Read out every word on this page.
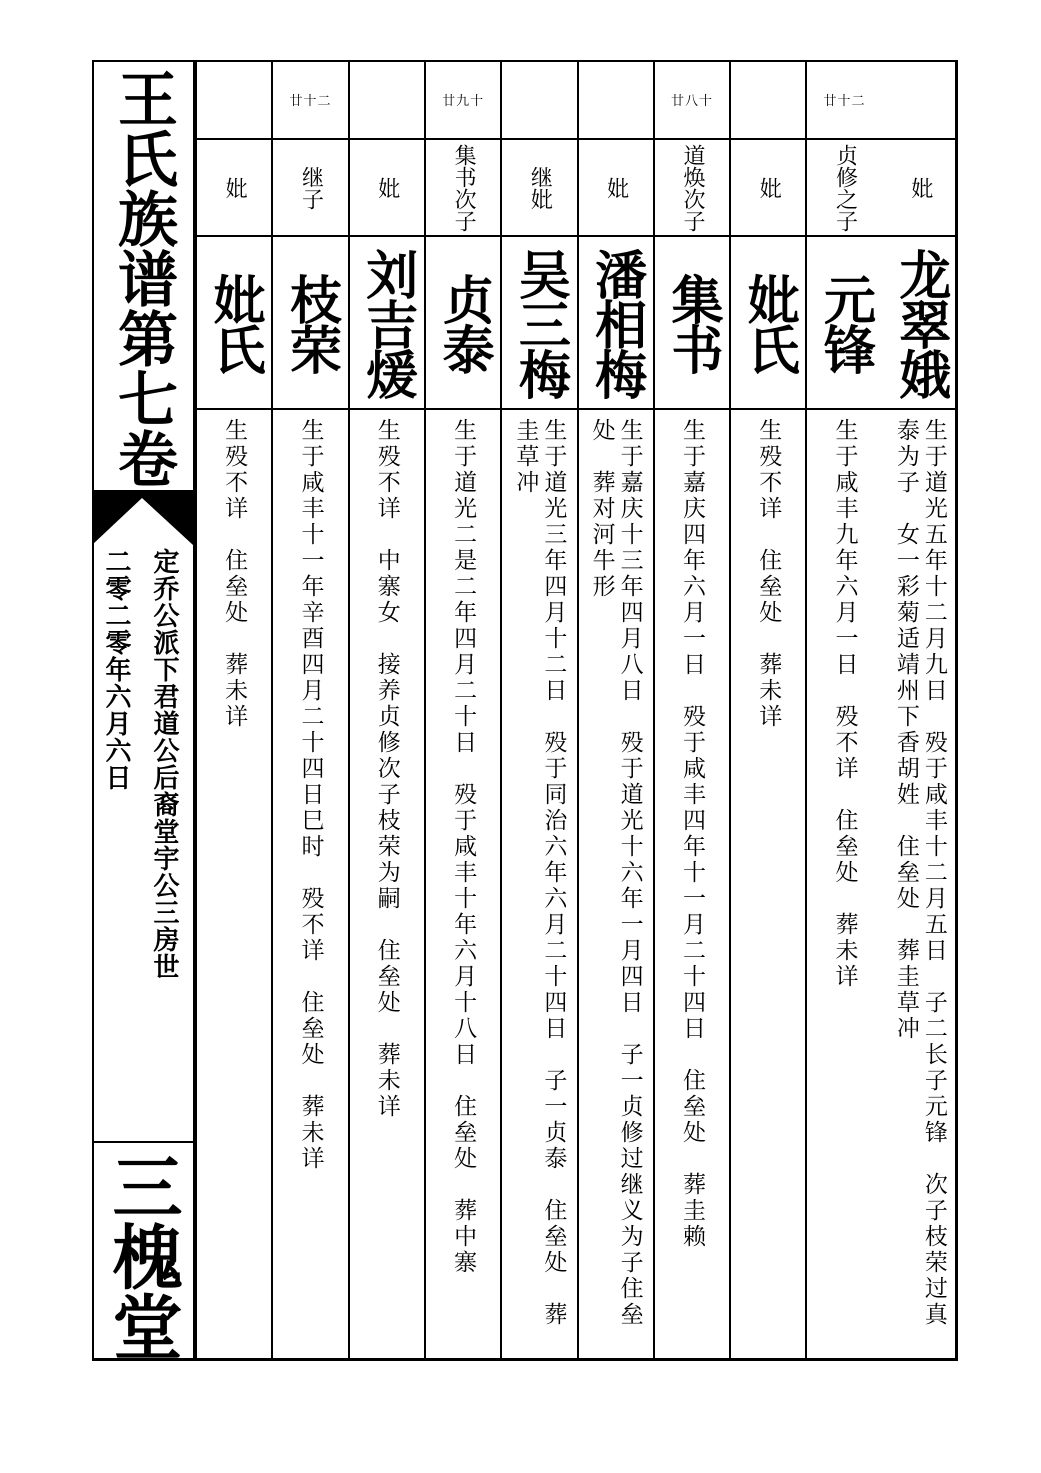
王氏族谱第七卷
定乔公派下君道公后裔堂宇公三房世
二零二零年六月六日
三槐堂
妣
龙翠娥
生于道光五年十二月九日　殁于咸丰十二月五日　子二长子元锋　次子枝荣过真泰为子　女一彩菊适靖州下香胡姓　住垒处　葬圭草冲
廿十二
贞修之子
元锋
生于咸丰九年六月一日　殁不详　住垒处　葬未详
妣
妣氏
生殁不详　住垒处　葬未详
廿八十
道焕次子
集书
生于嘉庆四年六月一日　殁于咸丰四年十一月二十四日　住垒处　葬圭赖
妣
潘相梅
生于嘉庆十三年四月八日　殁于道光十六年一月四日　子一贞修过继义为子住垒处　葬对河牛形
继妣
吴三梅
生于道光三年四月十二日　殁于同治六年六月二十四日　子一贞泰　住垒处　葬圭草冲
廿九十
集书次子
贞泰
生于道光二是二年四月二十日　殁于咸丰十年六月十八日　住垒处　葬中寨
妣
刘吉煖
生殁不详　中寨女　接养贞修次子枝荣为嗣　住垒处　葬未详
廿十二
继子
枝荣
生于咸丰十一年辛酉四月二十四日巳时　殁不详　住垒处　葬未详
妣
妣氏
生殁不详　住垒处　葬未详
